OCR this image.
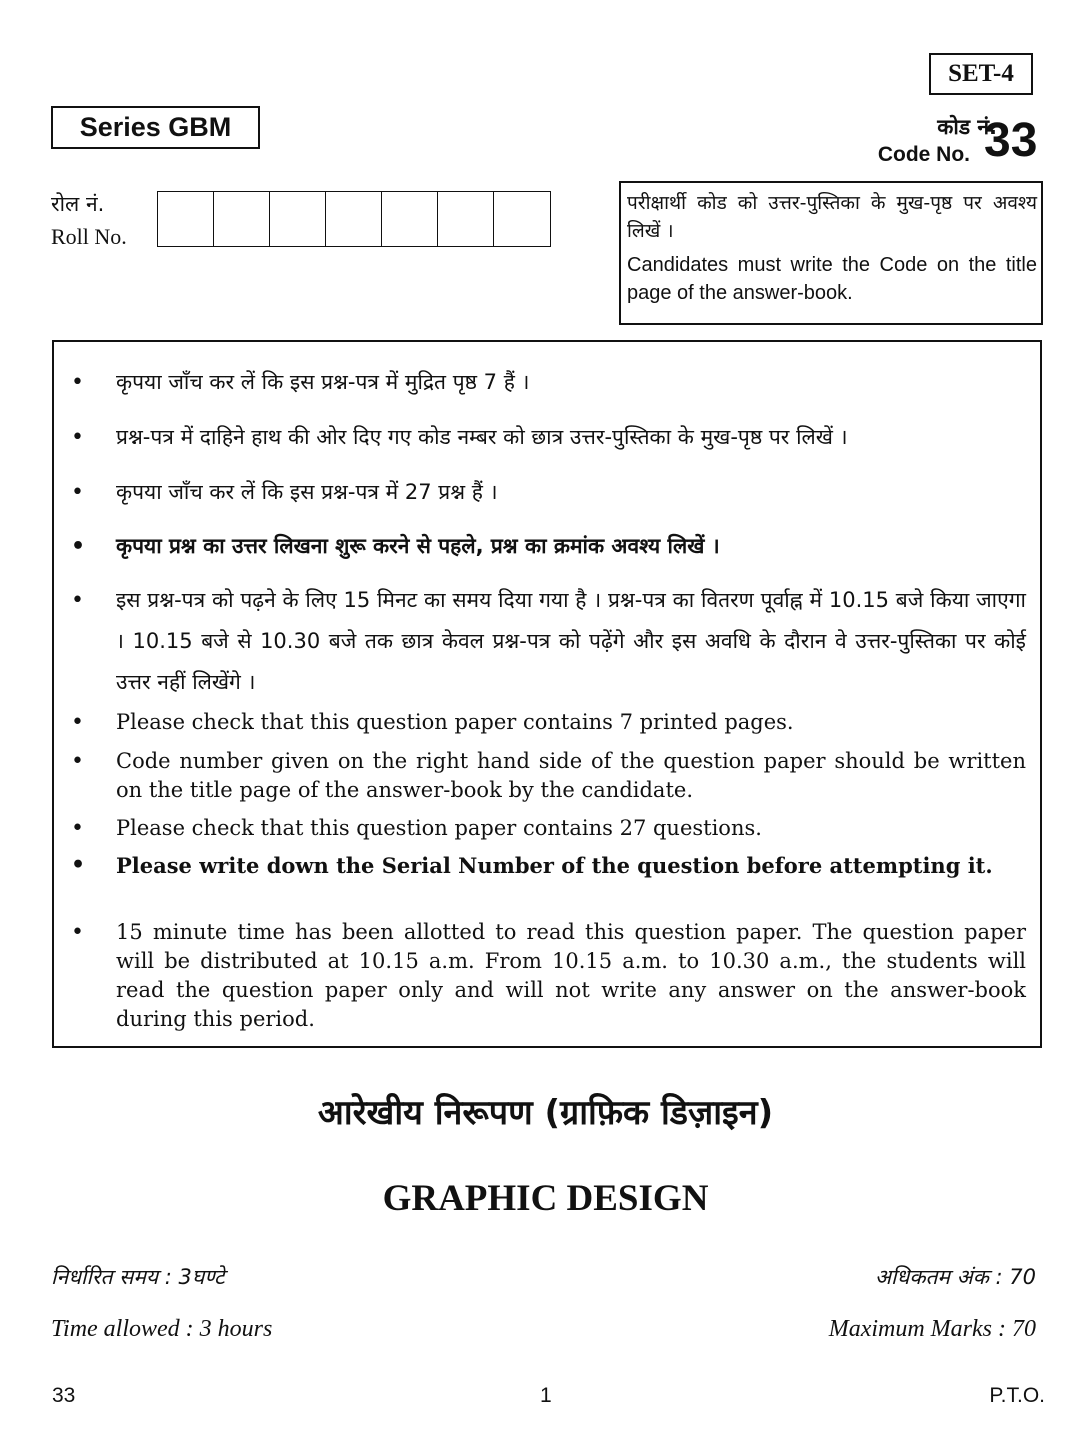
SET-4
Series GBM	कोड नं.
Code No. 33
रोल नं.
Roll No.
परीक्षार्थी कोड को उत्तर-पुस्तिका के मुख-पृष्ठ पर अवश्य लिखें ।
Candidates must write the Code on the title page of the answer-book.
• कृपया जाँच कर लें कि इस प्रश्न-पत्र में मुद्रित पृष्ठ 7 हैं ।
• प्रश्न-पत्र में दाहिने हाथ की ओर दिए गए कोड नम्बर को छात्र उत्तर-पुस्तिका के मुख-पृष्ठ पर लिखें ।
• कृपया जाँच कर लें कि इस प्रश्न-पत्र में 27 प्रश्न हैं ।
• कृपया प्रश्न का उत्तर लिखना शुरू करने से पहले, प्रश्न का क्रमांक अवश्य लिखें ।
• इस प्रश्न-पत्र को पढ़ने के लिए 15 मिनट का समय दिया गया है । प्रश्न-पत्र का वितरण पूर्वाह्न में 10.15 बजे किया जाएगा । 10.15 बजे से 10.30 बजे तक छात्र केवल प्रश्न-पत्र को पढ़ेंगे और इस अवधि के दौरान वे उत्तर-पुस्तिका पर कोई उत्तर नहीं लिखेंगे ।
• Please check that this question paper contains 7 printed pages.
• Code number given on the right hand side of the question paper should be written on the title page of the answer-book by the candidate.
• Please check that this question paper contains 27 questions.
• Please write down the Serial Number of the question before attempting it.
• 15 minute time has been allotted to read this question paper. The question paper will be distributed at 10.15 a.m. From 10.15 a.m. to 10.30 a.m., the students will read the question paper only and will not write any answer on the answer-book during this period.
आरेखीय निरूपण (ग्राफ़िक डिज़ाइन)
GRAPHIC DESIGN
निर्धारित समय : 3घण्टे	अधिकतम अंक : 70
Time allowed : 3 hours	Maximum Marks : 70
33	1	P.T.O.
